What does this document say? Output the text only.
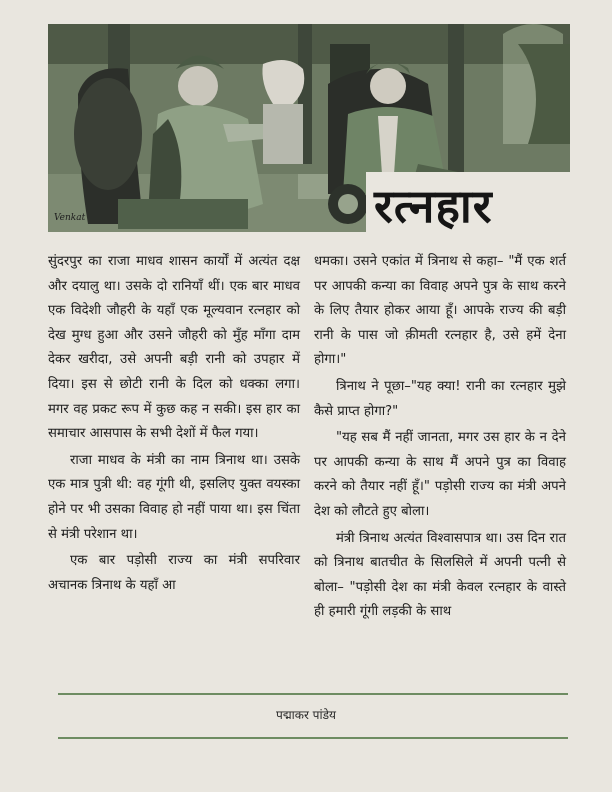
Venkat	रत्नहार

सुंदरपुर का राजा माधव शासन कार्यों में अत्यंत दक्ष और दयालु था। उसके दो रानियाँ थीं। एक बार माधव एक विदेशी जौहरी के यहाँ एक मूल्यवान रत्नहार को देख मुग्ध हुआ और उसने जौहरी को मुँह माँगा दाम देकर खरीदा, उसे अपनी बड़ी रानी को उपहार में दिया। इस से छोटी रानी के दिल को धक्का लगा। मगर वह प्रकट रूप में कुछ कह न सकी। इस हार का समाचार आसपास के सभी देशों में फैल गया।

राजा माधव के मंत्री का नाम त्रिनाथ था। उसके एक मात्र पुत्री थी: वह गूंगी थी, इसलिए युक्त वयस्का होने पर भी उसका विवाह हो नहीं पाया था। इस चिंता से मंत्री परेशान था।

एक बार पड़ोसी राज्य का मंत्री सपरिवार अचानक त्रिनाथ के यहाँ आ

धमका। उसने एकांत में त्रिनाथ से कहा– "मैं एक शर्त पर आपकी कन्या का विवाह अपने पुत्र के साथ करने के लिए तैयार होकर आया हूँ। आपके राज्य की बड़ी रानी के पास जो क़ीमती रत्नहार है, उसे हमें देना होगा।"

त्रिनाथ ने पूछा–"यह क्या! रानी का रत्नहार मुझे कैसे प्राप्त होगा?"

"यह सब मैं नहीं जानता, मगर उस हार के न देने पर आपकी कन्या के साथ मैं अपने पुत्र का विवाह करने को तैयार नहीं हूँ।" पड़ोसी राज्य का मंत्री अपने देश को लौटते हुए बोला।

मंत्री त्रिनाथ अत्यंत विश्वासपात्र था। उस दिन रात को त्रिनाथ बातचीत के सिलसिले में अपनी पत्नी से बोला– "पड़ोसी देश का मंत्री केवल रत्नहार के वास्ते ही हमारी गूंगी लड़की के साथ

पद्माकर पांडेय
